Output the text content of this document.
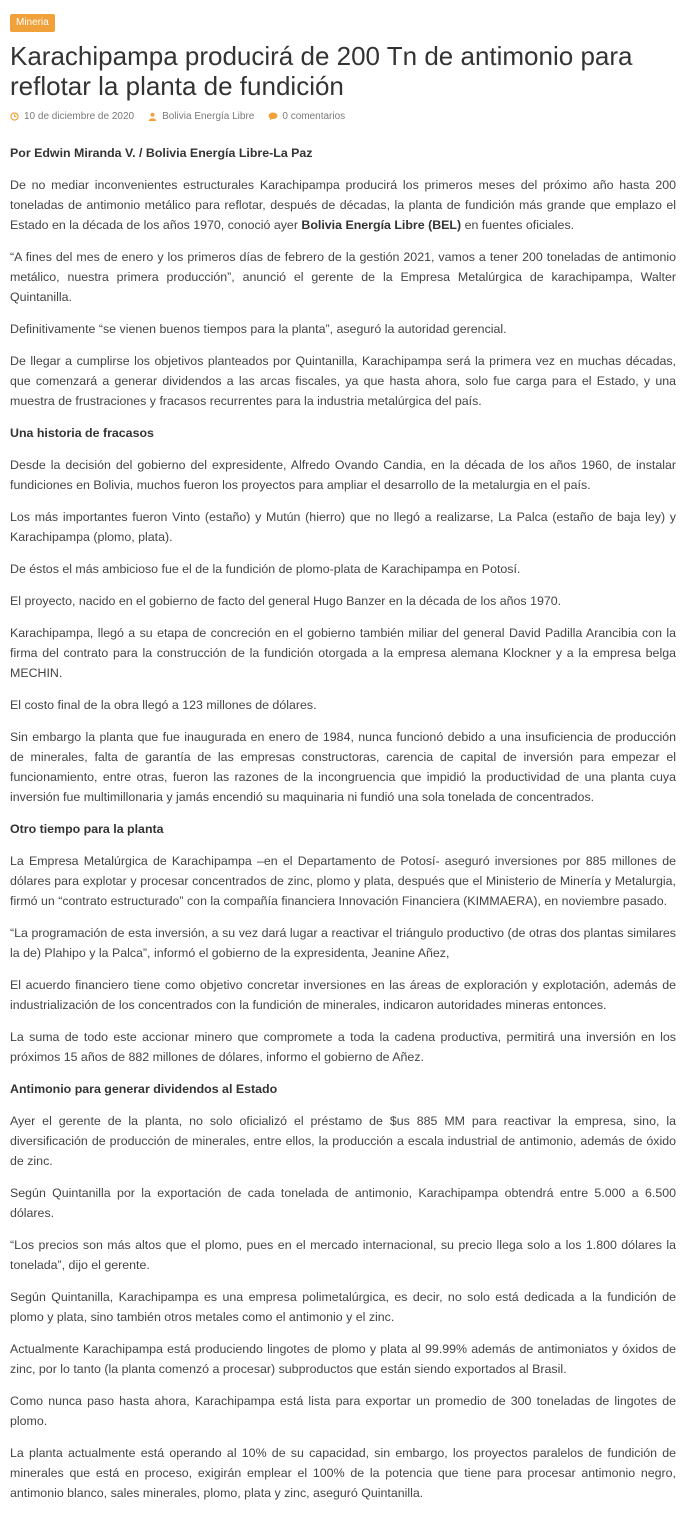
Mineria
Karachipampa producirá de 200 Tn de antimonio para reflotar la planta de fundición
10 de diciembre de 2020	Bolivia Energía Libre	0 comentarios
Por Edwin Miranda V. / Bolivia Energía Libre-La Paz

De no mediar inconvenientes estructurales Karachipampa producirá los primeros meses del próximo año hasta 200 toneladas de antimonio metálico para reflotar, después de décadas, la planta de fundición más grande que emplazo el Estado en la década de los años 1970, conoció ayer Bolivia Energía Libre (BEL) en fuentes oficiales.

“A fines del mes de enero y los primeros días de febrero de la gestión 2021, vamos a tener 200 toneladas de antimonio metálico, nuestra primera producción”, anunció el gerente de la Empresa Metalúrgica de karachipampa, Walter Quintanilla.

Definitivamente “se vienen buenos tiempos para la planta”, aseguró la autoridad gerencial.

De llegar a cumplirse los objetivos planteados por Quintanilla, Karachipampa será la primera vez en muchas décadas, que comenzará a generar dividendos a las arcas fiscales, ya que hasta ahora, solo fue carga para el Estado, y una muestra de frustraciones y fracasos recurrentes para la industria metalúrgica del país.

Una historia de fracasos

Desde la decisión del gobierno del expresidente, Alfredo Ovando Candia, en la década de los años 1960, de instalar fundiciones en Bolivia, muchos fueron los proyectos para ampliar el desarrollo de la metalurgia en el país.

Los más importantes fueron Vinto (estaño) y Mutún (hierro) que no llegó a realizarse, La Palca (estaño de baja ley) y Karachipampa (plomo, plata).

De éstos el más ambicioso fue el de la fundición de plomo-plata de Karachipampa en Potosí.

El proyecto, nacido en el gobierno de facto del general Hugo Banzer en la década de los años 1970.

Karachipampa, llegó a su etapa de concreción en el gobierno también miliar del general David Padilla Arancibia con la firma del contrato para la construcción de la fundición otorgada a la empresa alemana Klockner y a la empresa belga MECHIN.

El costo final de la obra llegó a 123 millones de dólares.

Sin embargo la planta que fue inaugurada en enero de 1984, nunca funcionó debido a una insuficiencia de producción de minerales, falta de garantía de las empresas constructoras, carencia de capital de inversión para empezar el funcionamiento, entre otras, fueron las razones de la incongruencia que impidió la productividad de una planta cuya inversión fue multimillonaria y jamás encendió su maquinaria ni fundió una sola tonelada de concentrados.

Otro tiempo para la planta

La Empresa Metalúrgica de Karachipampa –en el Departamento de Potosí- aseguró inversiones por 885 millones de dólares para explotar y procesar concentrados de zinc, plomo y plata, después que el Ministerio de Minería y Metalurgia, firmó un “contrato estructurado” con la compañía financiera Innovación Financiera (KIMMAERA), en noviembre pasado.

“La programación de esta inversión, a su vez dará lugar a reactivar el triángulo productivo (de otras dos plantas similares la de) Plahipo y la Palca”, informó el gobierno de la expresidenta, Jeanine Añez,

El acuerdo financiero tiene como objetivo concretar inversiones en las áreas de exploración y explotación, además de industrialización de los concentrados con la fundición de minerales, indicaron autoridades mineras entonces.

La suma de todo este accionar minero que compromete a toda la cadena productiva, permitirá una inversión en los próximos 15 años de 882 millones de dólares, informo el gobierno de Añez.

Antimonio para generar dividendos al Estado

Ayer el gerente de la planta, no solo oficializó el préstamo de $us 885 MM para reactivar la empresa, sino, la diversificación de producción de minerales, entre ellos, la producción a escala industrial de antimonio, además de óxido de zinc.

Según Quintanilla por la exportación de cada tonelada de antimonio, Karachipampa obtendrá entre 5.000 a 6.500 dólares.

“Los precios son más altos que el plomo, pues en el mercado internacional, su precio llega solo a los 1.800 dólares la tonelada”, dijo el gerente.

Según Quintanilla, Karachipampa es una empresa polimetalúrgica, es decir, no solo está dedicada a la fundición de plomo y plata, sino también otros metales como el antimonio y el zinc.

Actualmente Karachipampa está produciendo lingotes de plomo y plata al 99.99% además de antimoniatos y óxidos de zinc, por lo tanto (la planta comenzó a procesar) subproductos que están siendo exportados al Brasil.

Como nunca paso hasta ahora, Karachipampa está lista para exportar un promedio de 300 toneladas de lingotes de plomo.

La planta actualmente está operando al 10% de su capacidad, sin embargo, los proyectos paralelos de fundición de minerales que está en proceso, exigirán emplear el 100% de la potencia que tiene para procesar antimonio negro, antimonio blanco, sales minerales, plomo, plata y zinc, aseguró Quintanilla.
